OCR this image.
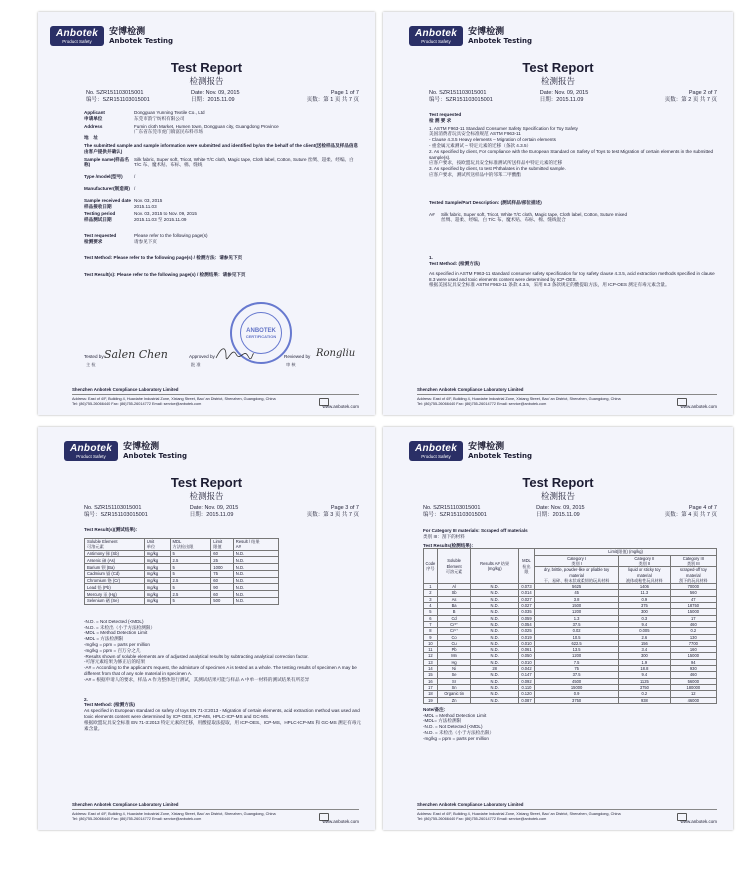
Anbotek
Product Safety
安博检测
Anbotek Testing
Test Report
检测报告
No. SZR151103015001	Date: Nov. 09, 2015	Page 1 of 7
编号：SZR151103015001	日期：2015.11.09	页数：第 1 页 共 7 页
Applicant
申请单位
Dongguan Yunning Textile Co., Ltd
东莞市韵宁纺织有限公司
Address

地　址
Fumin cloth Market, Humen town, Dongguan city, Guangdong Province
广东省东莞市虎门镇富民布料市场
The submitted sample and sample information were submitted and identified by/on the behalf of the client(送检样品及样品信息由客户提供并确认)
Sample name(样品名称)
Silk fabric, Super soft, Tricot, White T/C cloth, Magic tape, Cloth label, Cotton, Suture 丝绸、超柔、经编、白 T/C 布、魔术贴、布标、棉、缝线
Type /model(型号)	/
Manufacturer(制造商) /
Sample received date
样品接收日期
Nov. 03, 2015
2015.11.03
Testing period
样品测试日期
Nov. 03, 2015 to Nov. 09, 2015
2015.11.03 至 2015.11.09
Test requested
检测要求
Please refer to the following page(s)
请参见下页
Test Method: Please refer to the following page(s) / 检测方法：请参见下页
Test Result(s): Please refer to the following page(s) / 检测结果：请参见下页
ANBOTEK
CERTIFICATION
Tested by
主 检
Salen Chen	Approved by
批 准
Reviewed by
审 核
Rongliu
Shenzhen Anbotek Compliance Laboratory Limited
Address: East of 4/F, Building 4, Huaxiahe Industrial Zone, Xixiang Street, Bao' an District, Shenzhen, Guangdong, China
Tel: (86)755-26066440 Fax: (86)755-26014772 Email: service@anbotek.com
www.anbotek.com
Anbotek
Product Safety
安博检测
Anbotek Testing
Test Report
检测报告
No. SZR151103015001	Date: Nov. 09, 2015	Page 2 of 7
编号：SZR151103015001	日期：2015.11.09	页数：第 2 页 共 7 页
Test requested
检 测 要 求
1. ASTM F963-11 Standard Consumer Safety Specification for Toy Safety
美国消费者玩具安全标准规范 ASTM F963-11
- Clause 4.3.5 Heavy elements – Migration of certain elements
- 重金属元素测试 – 特定元素的迁移（条款 4.3.5）
2. As specified by client, For compliance with the European Standard on Safety of Toys to test Migration of certain elements in the submitted sample(s).
应客户要求，按欧盟玩具安全标准测试所送样品中特定元素的迁移
3. As specified by client, to test Phthalates in the submitted sample.
应客户要求，测试所送样品中的邻苯二甲酸酯
Tested Sample/Part Description: (测试样品/部位描述)
A#	Silk fabric, Super soft, Tricot, White T/C cloth, Magic tape, Cloth label, Cotton, Suture mixed
丝绸、超柔、经编、白 T/C 布、魔术贴、布标、棉、缝线混合
1.
Test Method: (检测方法)
As specified in ASTM F963-11 standard consumer safety specification for toy safety clause 4.3.5, acid extraction methods specified in clause 8.3 were used and toxic elements content were determined by ICP-OES.
根据美国玩具安全标准 ASTM F963-11 条款 4.3.5，采用 8.3 条款规定的酸提取方法，用 ICP-OES 测定有毒元素含量。
Shenzhen Anbotek Compliance Laboratory Limited
Address: East of 4/F, Building 4, Huaxiahe Industrial Zone, Xixiang Street, Bao' an District, Shenzhen, Guangdong, China
Tel: (86)755-26066440 Fax: (86)755-26014772 Email: service@anbotek.com
www.anbotek.com
Anbotek
Product Safety
安博检测
Anbotek Testing
Test Report
检测报告
No. SZR151103015001	Date: Nov. 09, 2015	Page 3 of 7
编号：SZR151103015001	日期：2015.11.09	页数：第 3 页 共 7 页
Test Result(s)(测试结果)：
Soluble Element
可溶元素	Unit
单位	MDL
方法检出限	Limit
限值	Result / 结果
A#
Antimony 锑 (Sb)	mg/kg	5	60	N.D.
Arsenic 砷 (As)	mg/kg	2.5	25	N.D.
Barium 钡 (Ba)	mg/kg	5	1000	N.D.
Cadmium 镉 (Cd)	mg/kg	5	75	N.D.
Chromium 铬 (Cr)	mg/kg	2.5	60	N.D.
Lead 铅 (Pb)	mg/kg	5	90	N.D.
Mercury 汞 (Hg)	mg/kg	2.5	60	N.D.
Selenium 硒 (Se)	mg/kg	5	500	N.D.
-N.D. = Not Detected (<MDL)
-N.D. = 未检出（小于方法检测限）
-MDL = Method Detection Limit
-MDL = 方法检测限
-mg/kg = ppm = parts per million
-mg/kg = ppm = 百万分之几
-Results shown of soluble elements are of adjusted analytical results by subtracting analytical correction factor.
-可溶元素结果为修正后的结果
-A# = According to the applicant's request, the admixture of specimen A is tested as a whole. The testing results of specimen A may be different from that of any sole material in specimen A.
-A# = 根据申请人的要求，样品 A 作为整体进行测试，其测试结果可能与样品 A 中单一材料的测试结果有所差异
2.
Test Method: (检测方法)
As specified in European standard on safety of toys EN 71-3:2013 - Migration of certain elements, acid extraction method was used and toxic elements content were determined by ICP-OES, ICP-MS, HPLC-ICP-MS and GC-MS.
根据欧盟玩具安全标准 EN 71-3:2013 特定元素的迁移，用酸提取法提取，用 ICP-OES、ICP-MS、HPLC-ICP-MS 和 GC-MS 测定有毒元素含量。
Shenzhen Anbotek Compliance Laboratory Limited
Address: East of 4/F, Building 4, Huaxiahe Industrial Zone, Xixiang Street, Bao' an District, Shenzhen, Guangdong, China
Tel: (86)755-26066440 Fax: (86)755-26014772 Email: service@anbotek.com
www.anbotek.com
Anbotek
Product Safety
安博检测
Anbotek Testing
Test Report
检测报告
No. SZR151103015001	Date: Nov. 09, 2015	Page 4 of 7
编号：SZR151103015001	日期：2015.11.09	页数：第 4 页 共 7 页
For Category III materials: Scraped off materials
类别 III：刮下的材料
Test Results(检测结果)：
Code
序号	Soluble Element
可溶元素	Results A# 结果 (mg/kg)	MDL
检出限	Limit(限值) (mg/kg)		
				Category I
类别 I	Category II
类别 II	Category III
类别 III
				dry, brittle, powder-like or pliable toy material
干、易碎、粉末状或柔韧的玩具材料	liquid or sticky toy material
液体或粘性玩具材料	scraped-off toy material
刮下的玩具材料
1	Al	N.D.	0.073	5625	1406	70000
2	Sb	N.D.	0.014	45	11.3	560
3	As	N.D.	0.027	3.8	0.9	47
4	Ba	N.D.	0.027	1500	375	18750
5	B	N.D.	0.035	1200	300	15000
6	Cd	N.D.	0.059	1.3	0.3	17
7	Cr³⁺	N.D.	0.054	37.5	9.4	460
8	Cr⁶⁺	N.D.	0.025	0.02	0.005	0.2
9	Co	N.D.	0.019	10.5	2.6	130
10	Cu	N.D.	0.010	622.5	156	7700
11	Pb	N.D.	0.061	13.5	3.4	160
12	Mn	N.D.	0.050	1200	300	15000
13	Hg	N.D.	0.010	7.5	1.9	94
14	Ni	28	0.042	75	18.8	930
15	Se	N.D.	0.147	37.5	9.4	460
16	Sr	N.D.	0.092	4500	1125	56000
17	Sn	N.D.	0.110	15000	3750	180000
18	Organic tin	N.D.	0.120	0.9	0.2	12
19	Zn	N.D.	0.087	3750	938	46000
Note/备注：
-MDL = Method Detection Limit
-MDL= 方法检测限
-N.D. = Not Detected (<MDL)
-N.D. = 未检出（小于方法检出限）
-mg/kg = ppm = parts per million
Shenzhen Anbotek Compliance Laboratory Limited
Address: East of 4/F, Building 4, Huaxiahe Industrial Zone, Xixiang Street, Bao' an District, Shenzhen, Guangdong, China
Tel: (86)755-26066440 Fax: (86)755-26014772 Email: service@anbotek.com
www.anbotek.com
